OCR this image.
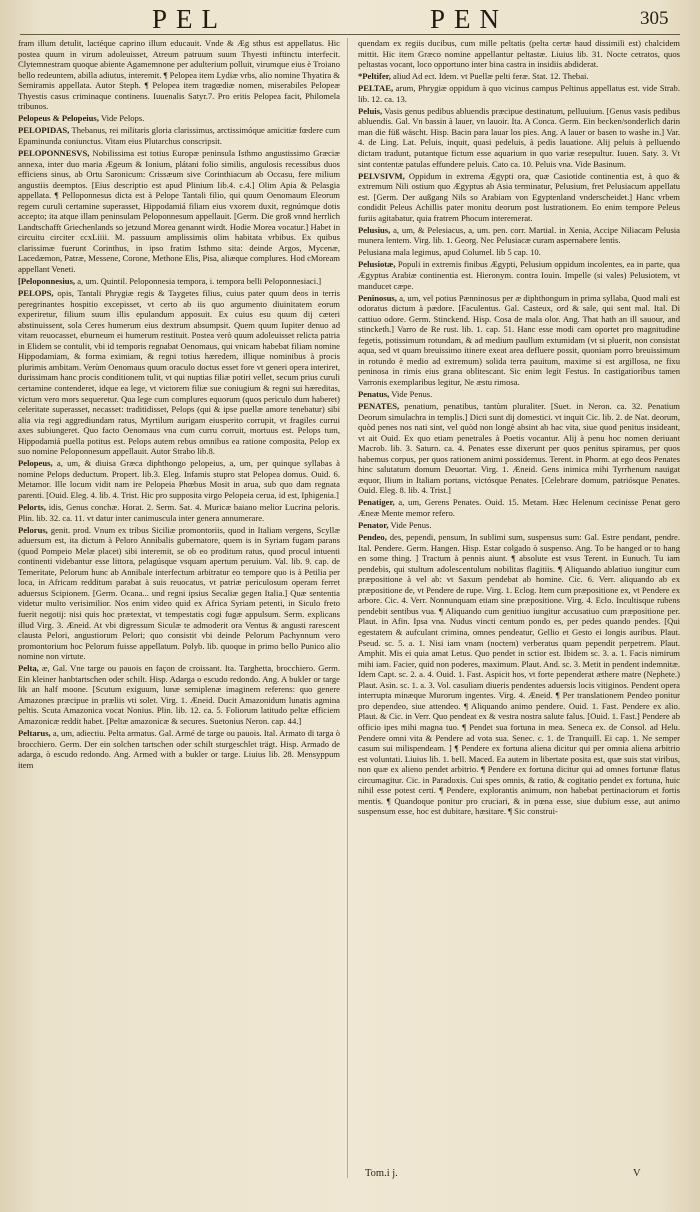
PEL	PEN	305

fram illum detulit, lactéque caprino illum educauit. Vnde & Æg sthus est appellatus. Hic postea quum in virum adoleuisset, Atreum patruum suum Thyesti inftinctu interfecit. Clytemnestram quoque abiente Agamemnone per adulterium polluit, virumque eius è Troiano bello redeuntem, abilla adiutus, interemit. ¶ Pelopea item Lydiæ vrbs, alio nomine Thyatira & Semiramis appellata. Autor Steph. ¶ Pelopea item tragœdiæ nomen, miserabiles Pelopeæ Thyestis casus criminaque continens. Iuuenalis Satyr.7. Pro eritis Pelopea facit, Philomela tribunos.

Pelopeus & Pelopeius, Vide Pelops.

PELOPIDAS, Thebanus, rei militaris gloria clarissimus, arctissimóque amicitiæ fœdere cum Epaminunda coniunctus. Vitam eius Plutarchus conscripsit.

PELOPONNESVS, Nobilissima est totius Europæ peninsula Isthmo angustissimo Græciæ annexa, inter duo maria Ægeum & Ionium, plátani folio similis, angulosis recessibus duos efficiens sinus, ab Ortu Saronicum: Crissæum sive Corinthiacum ab Occasu, fere milium angustiis deemptos. [Eius descriptio est apud Plinium lib.4. c.4.] Olim Apia & Pelasgia appellata. ¶ Pelloponnesus dicta est à Pelope Tantali filio, qui quum Oenomaum Eleorum regem curuli certamine superasset, Hippodamiá filiam eius vxorem duxit, regnúmque dotis accepto; ita atque illam peninsulam Peloponnesum appellauit. [Germ. Die groß vnnd herrlich Landtschafft Griechenlands so jetzund Morea genannt wirdt. Hodie Morea vocatur.] Habet in circuitu circiter ccxLiiii. M. passuum amplissimis olim habitata vrbibus. Ex quibus clarissimæ fuerunt Corinthus, in ipso fratim Isthmo sita: deinde Argos, Mycenæ, Lacedæmon, Patræ, Messene, Corone, Methone Elis, Pisa, aliæque complures. Hod cMoream appellant Veneti.

[Peloponnesius, a, um. Quintil. Peloponnesia tempora, i. tempora belli Peloponnesiaci.]

PELOPS, opis, Tantali Phrygiæ regis & Taygetes filius, cuius pater quum deos in terris peregrinantes hospitio excepisset, vt certo ab iis quo argumento diuinitatem eorum experiretur, filium suum illis epulandum apposuit. Ex cuius esu quum dij cæteri abstinuissent, sola Ceres humerum eius dextrum absumpsit. Quem quum Iupiter denuo ad vitam reuocasset, eburneum ei humerum restituit. Postea verò quum adoleuisset relicta patria in Elidem se contulit, vbi id temporis regnabat Oenomaus, qui vnicam habebat filiam nomine Hippodamiam, & forma eximiam, & regni totius hæredem, illique nominibus à procis plurimis ambitam. Verùm Oenomaus quum oraculo doctus esset fore vt generi opera interiret, durissimam hanc procis conditionem tulit, vt qui nuptias filiæ potiri vellet, secum prius curuli certamine contenderet, idque ea lege, vt victorem filiæ sue coniugium & regni sui hæreditas, victum vero mors sequeretur. Qua lege cum complures equorum (quos periculo dum haberet) celeritate superasset, necasset: traditidisset, Pelops (qui & ipse puellæ amore tenebatur) sibi alia via regi aggrediundam ratus, Myrtilum aurigam eiusperito corrupit, vt fragiles currui axes subiungeret. Quo facto Oenomaus vna cum curru corruit, mortuus est. Pelops tum, Hippodamiá puella potitus est. Pelops autem rebus omnibus ea ratione composita, Pelop ex suo nomine Peloponnesum appellauit. Autor Strabo lib.8.

Pelopeus, a, um, & diuisa Græca diphthongo pelopeius, a, um, per quinque syllabas à nomine Pelops deductum. Propert. lib.3. Eleg. Infamis stupro stat Pelopea domus. Ouid. 6. Metamor. Ille locum vidit nam ire Pelopeia Phœbus Mosit in arua, sub quo dam regnata parenti. [Ouid. Eleg. 4. lib. 4. Trist. Hic pro supposita virgo Pelopeia cerua, id est, Iphigenia.]

Pelorts, idis, Genus conchæ. Horat. 2. Serm. Sat. 4. Muricæ baiano melior Lucrina peloris. Plin. lib. 32. ca. 11. vt datur inter canimuscula inter genera annumerare.

Pelorus, genit. prod. Vnum ex tribus Siciliæ promontoriis, quod in Italiam vergens, Scyllæ aduersum est, ita dictum à Peloro Annibalis gubernatore, quem is in Syriam fugam parans (quod Pompeio Melæ placet) sibi interemit, se ob eo proditum ratus, quod procul intuenti continenti videbantur esse littora, pelagúsque vsquam apertum peruium. Val. lib. 9. cap. de Temeritate, Pelorum hunc ab Annibale interfectum arbitratur eo tempore quo is à Petilia per loca, in Africam redditum parabat à suis reuocatus, vt patriæ periculosum operam ferret aduersus Scipionem. [Germ. Ocana... und regni ipsius Secaliæ gegen Italia.] Quæ sententia videtur multo verisimilior. Nos enim video quid ex Africa Syriam petenti, in Siculo freto fuerit negotij: nisi quis hoc prætextat, vt tempestatis cogi fugæ appulsum. Serm. explicans illud Virg. 3. Æneid. At vbi digressum Siculæ te admoderit ora Ventus & angusti rarescent clausta Pelori, angustiorum Pelori; quo consistit vbi deinde Pelorum Pachynnum vero promontorium hoc Pelorum fuisse appellatum. Polyb. lib. quoque in primo bello Punico alio nomine non virtute.

Pelta, æ, Gal. Vne targe ou pauois en façon de croissant. Ita. Targhetta, brocchiero. Germ. Ein kleiner hanbtartschen oder schilt. Hisp. Adarga o escudo redondo. Ang. A bukler or targe lik an half moone. [Scutum exiguum, lunæ semiplenæ imaginem referens: quo genere Amazones præcipue in præliis vti solet. Virg. 1. Æneid. Ducit Amazonidum lunatis agmina peltis. Scuta Amazonica vocat Nonius. Plin. lib. 12. ca. 5. Foliorum latitudo peltæ efficiem Amazonicæ reddit habet. [Peltæ amazonicæ & secures. Suetonius Neron. cap. 44.]

Peltarus, a, um, adiectiu. Pelta armatus. Gal. Armé de targe ou pauois. Ital. Armato di targa ò brocchiero. Germ. Der ein solchen tartschen oder schilt sturgeschlet trägt. Hisp. Armado de adarga, ò escudo redondo. Ang. Armed with a bukler or targe. Liuius lib. 28. Mensyppum item

quendam ex regiis ducibus, cum mille peltatis (pelta certæ haud dissimili est) chalcidem mittit. Hic item Græco nomine appellantur peltastæ. Liuius lib. 31. Nocte cetratos, quos peltastas vocant, loco opportuno inter bina castra in insidiis abdiderat.

*Peltifer, aliud Ad ect. Idem. vt Puellæ pelti feræ. Stat. 12. Thebai.

PELTAE, arum, Phrygiæ oppidum à quo vicinus campus Peltinus appellatus est. vide Strab. lib. 12. ca. 13.

Peluis, Vasis genus pedibus abluendis præcipue destinatum, pelluuium. [Genus vasis pedibus abluendis. Gal. Vn bassin à lauer, vn lauoir. Ita. A Conca. Germ. Ein becken/sonderlich darin man die füß wäscht. Hisp. Bacin para lauar los pies. Ang. A lauer or basen to washe in.] Var. 4. de Ling. Lat. Peluis, inquit, quasi pedeluis, à pedis lauatione. Alij peluis à pelluendo dictam tradunt, putantque fictum esse aquarium in quo variæ resepultur. Iuuen. Saty. 3. Vt sint contentæ patulas effundere peluis. Cato ca. 10. Peluis vna. Vide Basinum.

PELVSIVM, Oppidum in extrema Ægypti ora, quæ Casiotide continentia est, à quo & extremum Nili ostium quo Ægyptus ab Asia terminatur, Pelusium, fret Pelusiacum appellatu est. [Germ. Der außgang Nils so Arabiam von Egyptenland vnderscheidet.] Hanc vrbem condidit Peleus Achillis pater monitu deorum post lustrationem. Eo enim tempore Peleus furiis agitabatur, quia fratrem Phocum interemerat.

Pelusius, a, um, & Pelesiacus, a, um. pen. corr. Martial. in Xenia, Accipe Niliacam Pelusia munera lentem. Virg. lib. 1. Georg. Nec Pelusiacæ curam aspernabere lentis.

Pelusiana mala legimus, apud Columel. lib 5 cap. 10.

Pelusiotæ, Populi in extremis finibus Ægypti, Pelusium oppidum incolentes, ea in parte, qua Ægyptus Arabiæ continentia est. Hieronym. contra Iouin. Impelle (si vales) Pelusiotem, vt manducet cæpe.

Peninosus, a, um, vel potius Pænninosus per æ diphthongum in prima syllaba, Quod mali est odoratus dictum à pædore. [Faculentus. Gal. Casteux, ord & sale, qui sent mal. Ital. Di cattiuo odore. Germ. Stinckend. Hisp. Cosa de mala olor. Ang. That hath an ill sauour, and stincketh.] Varro de Re rust. lib. 1. cap. 51. Hanc esse modi cam oportet pro magnitudine fegetis, potissimum rotundam, & ad medium paullum extumidam (vt si pluerit, non consistat aqua, sed vt quam breuissimo itinere exeat area defluere possit, quoniam porro breuissimum in rotundo è medio ad extremum) solida terra pauitum, maxime si est argillosa, ne fixu peninosa in rimis eius grana oblitescant. Sic enim legit Festus. In castigatioribus tamen Varronis exemplaribus legitur, Ne æstu rimosa.

Penatus, Vide Penus.

PENATES, penatium, penatibus, tantùm pluraliter. [Suet. in Neron. ca. 32. Penatium Deorum simulachra in templis.] Dicti sunt dij domestici. vt inquit Cic. lib. 2. de Nat. deorum, quòd penes nos nati sint, vel quòd non longè absint ab hac vita, siue quod penitus insideant, vt ait Ouid. Ex quo etiam penetrales à Poetis vocantur. Alij à penu hoc nomen deriuant Macrob. lib. 3. Saturn. ca. 4. Penates esse dixerunt per quos penitus spiramus, per quos habemus corpus, per quos rationem animi possidemus. Terent. in Phorm. at ego deos Penates hinc salutatum domum Deuortar. Virg. 1. Æneid. Gens inimica mihi Tyrrhenum nauigat æquor, Ilium in Italiam portans, victósque Penates. [Celebrare domum, patriósque Penates. Ouid. Eleg. 8. lib. 4. Trist.]

Penatiger, a, um, Gerens Penates. Ouid. 15. Metam. Hæc Helenum cecinisse Penat gero Æneæ Mente memor refero.

Penator, Vide Penus.

Pendeo, des, pependi, pensum, In sublimi sum, suspensus sum: Gal. Estre pendant, pendre. Ital. Pendere. Germ. Hangen. Hisp. Estar colgado ò suspenso. Ang. To be hanged or to hang en some thing. ] Tractum à pennis aiunt. ¶ absolute est vsus Terent. in Eunuch. Tu iam pendebis, qui stultum adolescentulum nobilitas flagitiis. ¶ Aliquando ablatiuo iungitur cum præpositione à vel ab: vt Saxum pendebat ab homine. Cic. 6. Verr. aliquando ab ex præpositione de, vt Pendere de rupe. Virg. 1. Eclog. Item cum præpositione ex, vt Pendere ex arbore. Cic. 4. Verr. Nonnunquam etiam sine præpositione. Virg. 4. Eclo. Incultisque rubens pendebit sentibus vua. ¶ Aliquando cum genitiuo iungitur accusatiuo cum præpositione per. Plaut. in Afin. Ipsa vna. Nudus vincti centum pondo es, per pedes quando pendes. [Qui egestatem & aufculant crimina, omnes pendeatur, Gellio et Gesto ei longis auribus. Plaut. Pseud. sc. 5. a. 1. Nisi iam vnam (noctem) verberatus quam pependit perpetrem. Plaut. Amphit. Mis ei quia amat Letus. Quo pendet in sctior est. Ibidem sc. 3. a. 1. Facis nimirum mihi iam. Facier, quid non poderes, maximum. Plaut. And. sc. 3. Metit in pendent indemnitæ. Idem Capt. sc. 2. a. 4. Ouid. 1. Fast. Aspicit hos, vt forte pependerat æthere matre (Nephete.) Plaut. Asin. sc. 1. a. 3. Vol. casuliam diueris pendentes aduersis locis vitiginos. Pendent opera interrupta minæque Murorum ingentes. Virg. 4. Æneid. ¶ Per translationem Pendeo ponitur pro dependeo, siue attendeo. ¶ Aliquando animo pendere. Ouid. 1. Fast. Pendere ex alio. Plaut. & Cic. in Verr. Quo pendeat ex & vestra nostra salute falus. [Ouid. 1. Fast.] Pendere ab officio ipes mihi magna tuo. ¶ Pendet sua fortuna in mea. Seneca ex. de Consol. ad Helu. Pendere omni vita & Pendere ad vota sua. Senec. c. 1. de Tranquill. Ei cap. 1. Ne semper casum sui milispendeam. ] ¶ Pendere ex fortuna aliena dicitur qui per omnia aliena arbitrio est voluntati. Liuius lib. 1. bell. Maced. Ea autem in libertate posita est, quæ suis stat viribus, non quæ ex alieno pendet arbitrio. ¶ Pendere ex fortuna dicitur qui ad omnes fortunæ flatus circumagitur. Cic. in Paradoxis. Cui spes omnis, & ratio, & cogitatio pendet ex fortuna, huic nihil esse potest certi. ¶ Pendere, explorantis animum, non habebat pertinaciorum et fortis mentis. ¶ Quandoque ponitur pro cruciari, & in pœna esse, siue dubium esse, aut animo suspensum esse, hoc est dubitare, hæsitare. ¶ Sic construi-

Tom.i j.	V
